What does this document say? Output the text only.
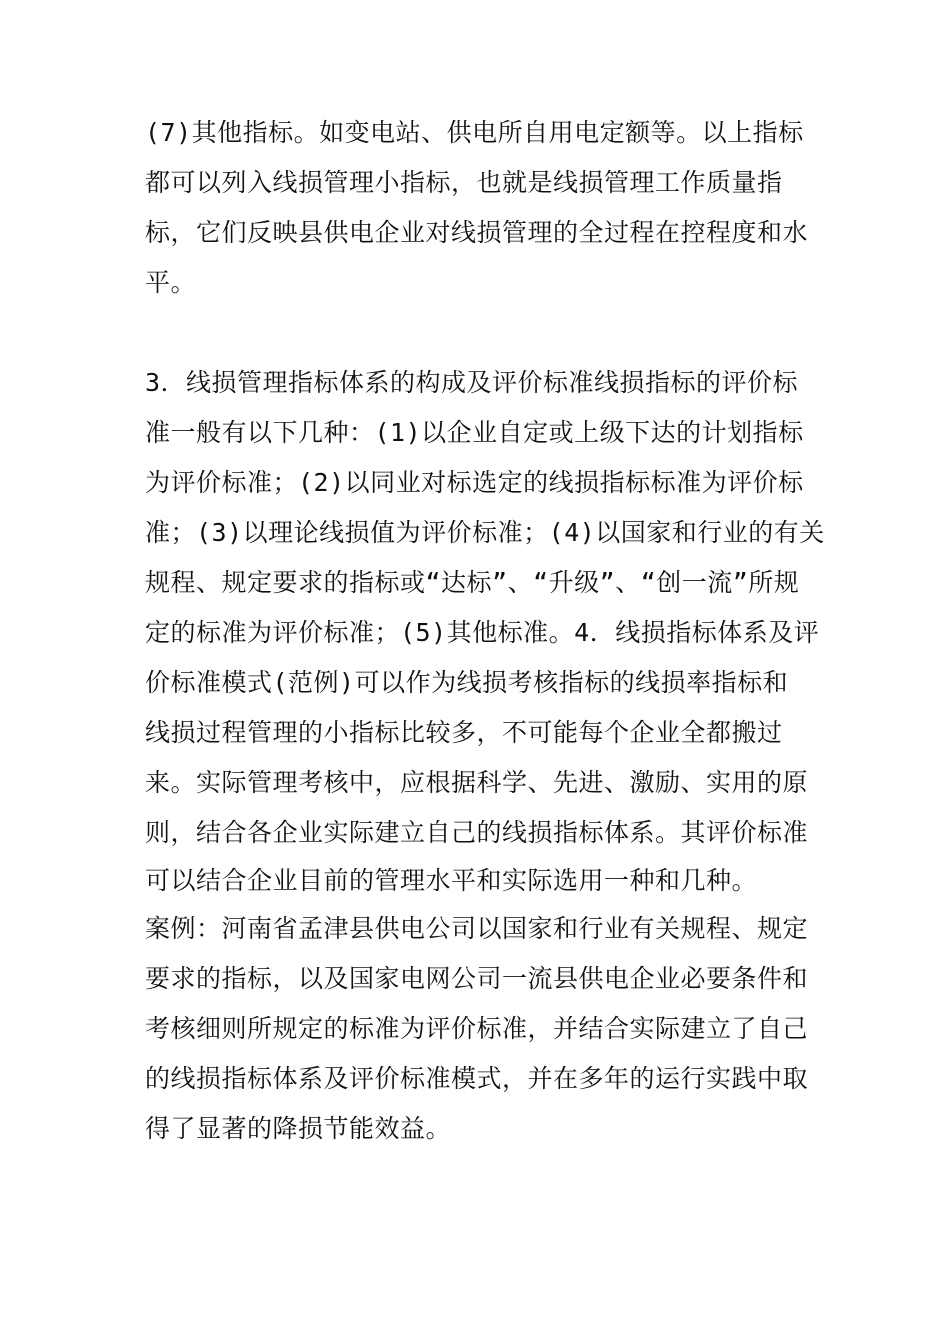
(7)其他指标。如变电站、供电所自用电定额等。以上指标
都可以列入线损管理小指标，也就是线损管理工作质量指
标，它们反映县供电企业对线损管理的全过程在控程度和水
平。
3．线损管理指标体系的构成及评价标准线损指标的评价标
准一般有以下几种：(1)以企业自定或上级下达的计划指标
为评价标准；(2)以同业对标选定的线损指标标准为评价标
准；(3)以理论线损值为评价标准；(4)以国家和行业的有关
规程、规定要求的指标或“达标”、“升级”、“创一流”所规
定的标准为评价标准；(5)其他标准。4．线损指标体系及评
价标准模式(范例)可以作为线损考核指标的线损率指标和
线损过程管理的小指标比较多，不可能每个企业全都搬过
来。实际管理考核中，应根据科学、先进、激励、实用的原
则，结合各企业实际建立自己的线损指标体系。其评价标准
可以结合企业目前的管理水平和实际选用一种和几种。
案例：河南省孟津县供电公司以国家和行业有关规程、规定
要求的指标，以及国家电网公司一流县供电企业必要条件和
考核细则所规定的标准为评价标准，并结合实际建立了自己
的线损指标体系及评价标准模式，并在多年的运行实践中取
得了显著的降损节能效益。
